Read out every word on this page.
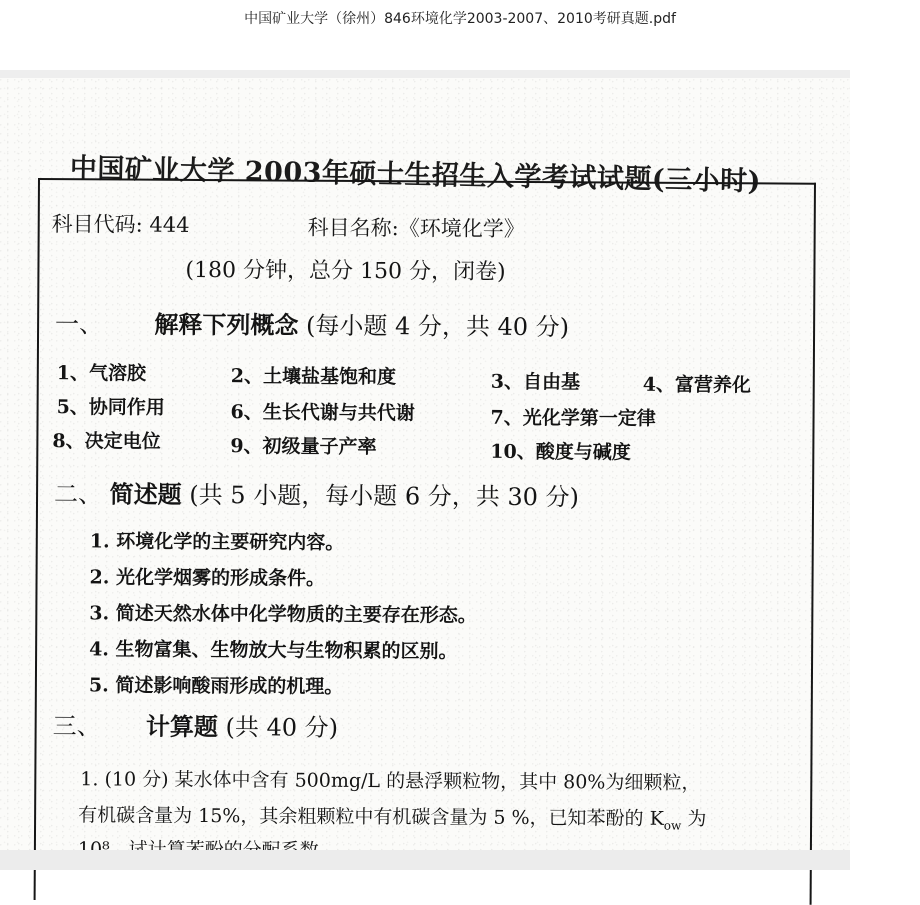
中国矿业大学（徐州）846环境化学2003-2007、2010考研真题.pdf
中国矿业大学 2003年硕士生招生入学考试试题(三小时)
科目代码: 444	科目名称:《环境化学》
(180 分钟，总分 150 分，闭卷)
一、 解释下列概念 (每小题 4 分，共 40 分)
1、气溶胶	2、土壤盐基饱和度	3、自由基	4、富营养化
5、协同作用	6、生长代谢与共代谢	7、光化学第一定律
8、决定电位	9、初级量子产率	10、酸度与碱度
二、 简述题 (共 5 小题，每小题 6 分，共 30 分)
1. 环境化学的主要研究内容。
2. 光化学烟雾的形成条件。
3. 简述天然水体中化学物质的主要存在形态。
4. 生物富集、生物放大与生物积累的区别。
5. 简述影响酸雨形成的机理。
三、 计算题 (共 40 分)
1. (10 分) 某水体中含有 500mg/L 的悬浮颗粒物，其中 80%为细颗粒，
有机碳含量为 15%，其余粗颗粒中有机碳含量为 5 %，已知苯酚的 $K_{ow}$ 为
